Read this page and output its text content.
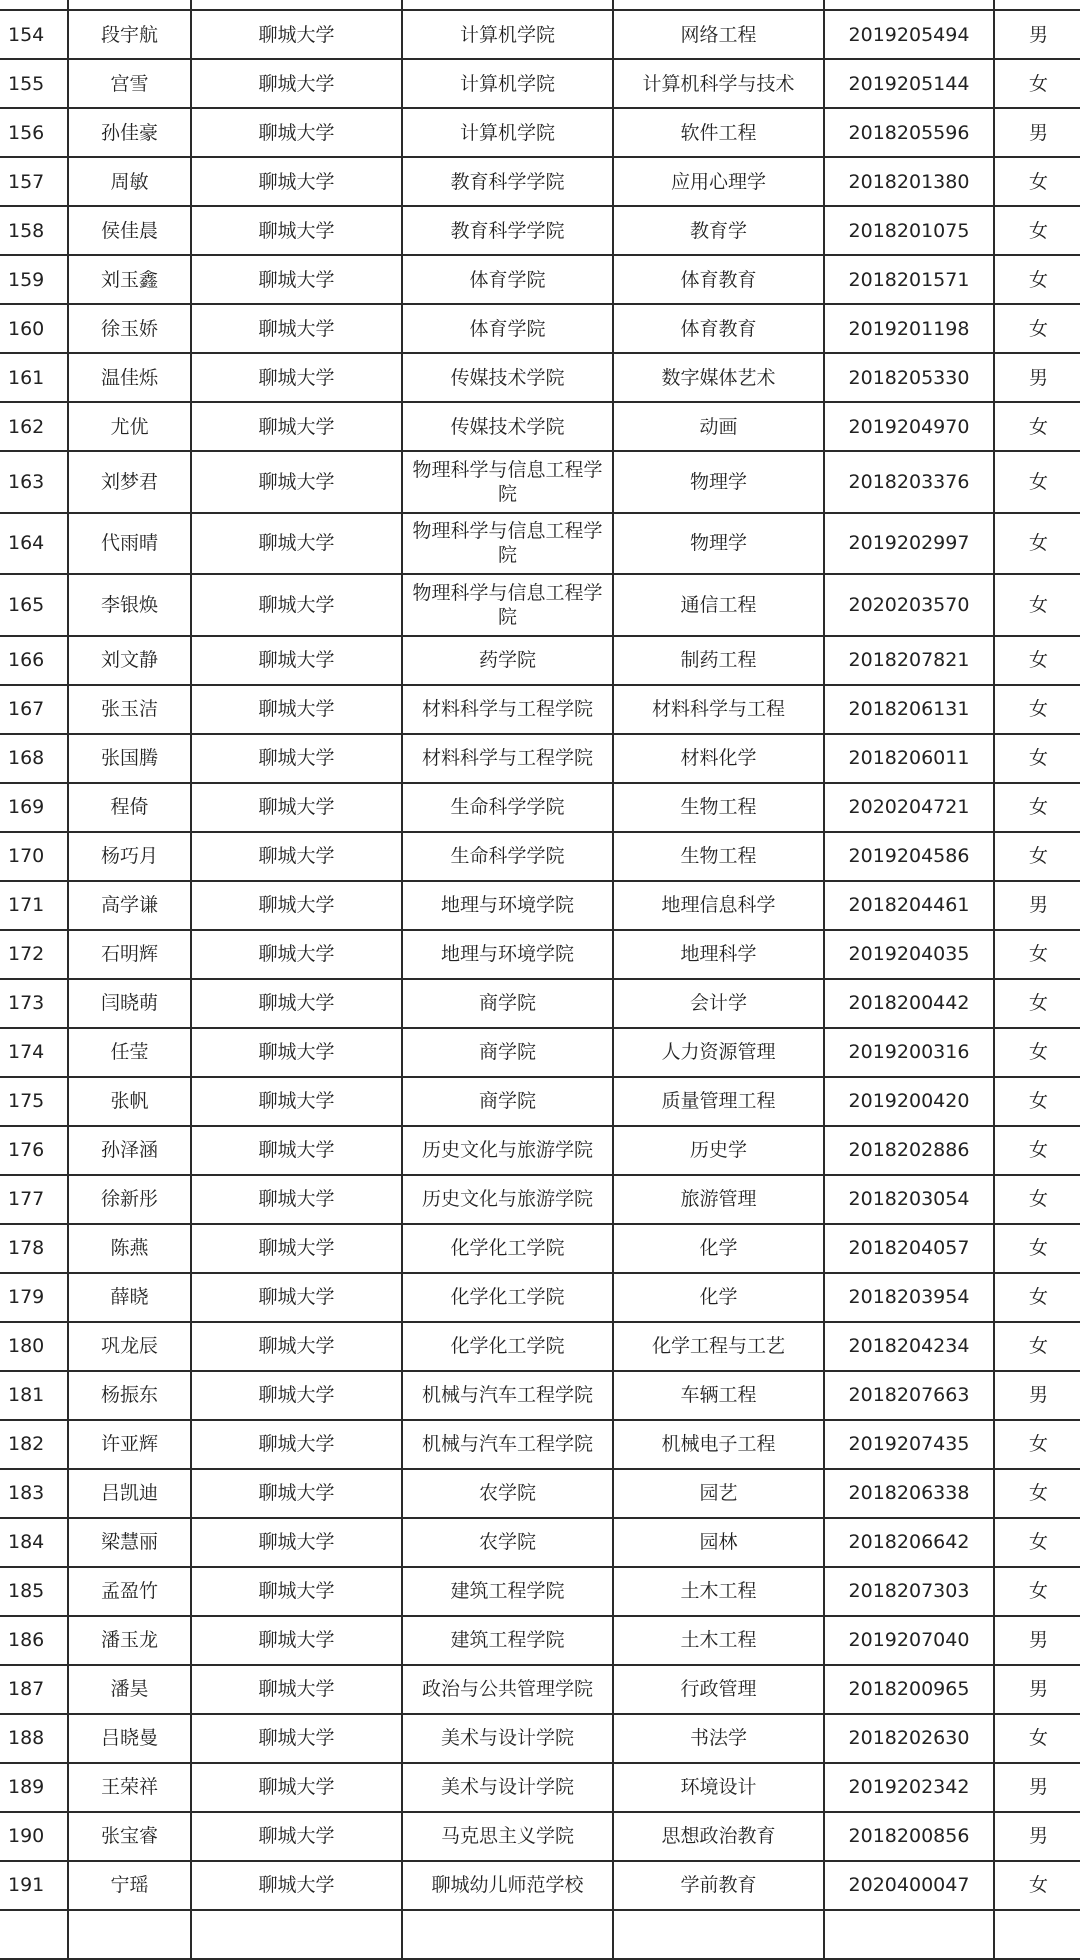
154	段宇航	聊城大学	计算机学院	网络工程	2019205494	男
155	宫雪	聊城大学	计算机学院	计算机科学与技术	2019205144	女
156	孙佳豪	聊城大学	计算机学院	软件工程	2018205596	男
157	周敏	聊城大学	教育科学学院	应用心理学	2018201380	女
158	侯佳晨	聊城大学	教育科学学院	教育学	2018201075	女
159	刘玉鑫	聊城大学	体育学院	体育教育	2018201571	女
160	徐玉娇	聊城大学	体育学院	体育教育	2019201198	女
161	温佳烁	聊城大学	传媒技术学院	数字媒体艺术	2018205330	男
162	尤优	聊城大学	传媒技术学院	动画	2019204970	女
163	刘梦君	聊城大学	物理科学与信息工程学院	物理学	2018203376	女
164	代雨晴	聊城大学	物理科学与信息工程学院	物理学	2019202997	女
165	李银焕	聊城大学	物理科学与信息工程学院	通信工程	2020203570	女
166	刘文静	聊城大学	药学院	制药工程	2018207821	女
167	张玉洁	聊城大学	材料科学与工程学院	材料科学与工程	2018206131	女
168	张国腾	聊城大学	材料科学与工程学院	材料化学	2018206011	女
169	程倚	聊城大学	生命科学学院	生物工程	2020204721	女
170	杨巧月	聊城大学	生命科学学院	生物工程	2019204586	女
171	高学谦	聊城大学	地理与环境学院	地理信息科学	2018204461	男
172	石明辉	聊城大学	地理与环境学院	地理科学	2019204035	女
173	闫晓萌	聊城大学	商学院	会计学	2018200442	女
174	任莹	聊城大学	商学院	人力资源管理	2019200316	女
175	张帆	聊城大学	商学院	质量管理工程	2019200420	女
176	孙泽涵	聊城大学	历史文化与旅游学院	历史学	2018202886	女
177	徐新彤	聊城大学	历史文化与旅游学院	旅游管理	2018203054	女
178	陈燕	聊城大学	化学化工学院	化学	2018204057	女
179	薛晓	聊城大学	化学化工学院	化学	2018203954	女
180	巩龙辰	聊城大学	化学化工学院	化学工程与工艺	2018204234	女
181	杨振东	聊城大学	机械与汽车工程学院	车辆工程	2018207663	男
182	许亚辉	聊城大学	机械与汽车工程学院	机械电子工程	2019207435	女
183	吕凯迪	聊城大学	农学院	园艺	2018206338	女
184	梁慧丽	聊城大学	农学院	园林	2018206642	女
185	孟盈竹	聊城大学	建筑工程学院	土木工程	2018207303	女
186	潘玉龙	聊城大学	建筑工程学院	土木工程	2019207040	男
187	潘昊	聊城大学	政治与公共管理学院	行政管理	2018200965	男
188	吕晓曼	聊城大学	美术与设计学院	书法学	2018202630	女
189	王荣祥	聊城大学	美术与设计学院	环境设计	2019202342	男
190	张宝睿	聊城大学	马克思主义学院	思想政治教育	2018200856	男
191	宁瑶	聊城大学	聊城幼儿师范学校	学前教育	2020400047	女
